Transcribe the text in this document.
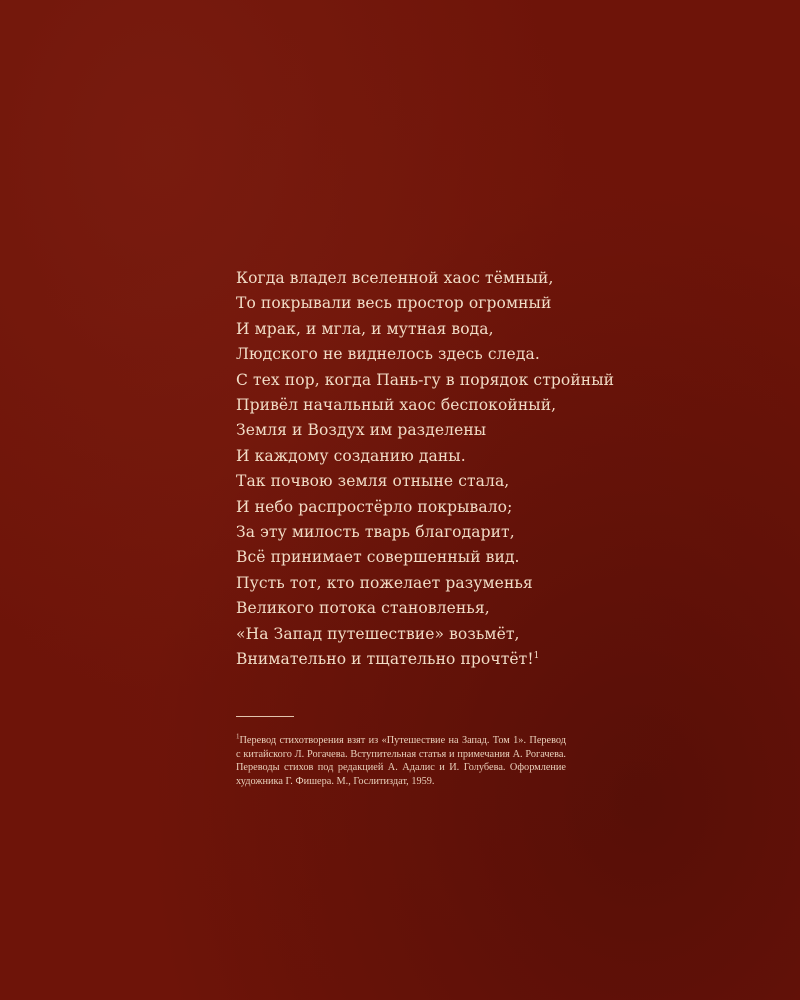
Когда владел вселенной хаос тёмный,
То покрывали весь простор огромный
И мрак, и мгла, и мутная вода,
Людского не виднелось здесь следа.
С тех пор, когда Пань-гу в порядок стройный
Привёл начальный хаос беспокойный,
Земля и Воздух им разделены
И каждому созданию даны.
Так почвою земля отныне стала,
И небо распростёрло покрывало;
За эту милость тварь благодарит,
Всё принимает совершенный вид.
Пусть тот, кто пожелает разуменья
Великого потока становленья,
«На Запад путешествие» возьмёт,
Внимательно и тщательно прочтёт!$^1$

$^1$Перевод стихотворения взят из «Путешествие на Запад. Том 1». Перевод с китайского Л. Рогачева. Вступительная статья и примечания А. Рогачева. Переводы стихов под редакцией А. Адалис и И. Голубева. Оформление художника Г. Фишера. М., Гослитиздат, 1959.
